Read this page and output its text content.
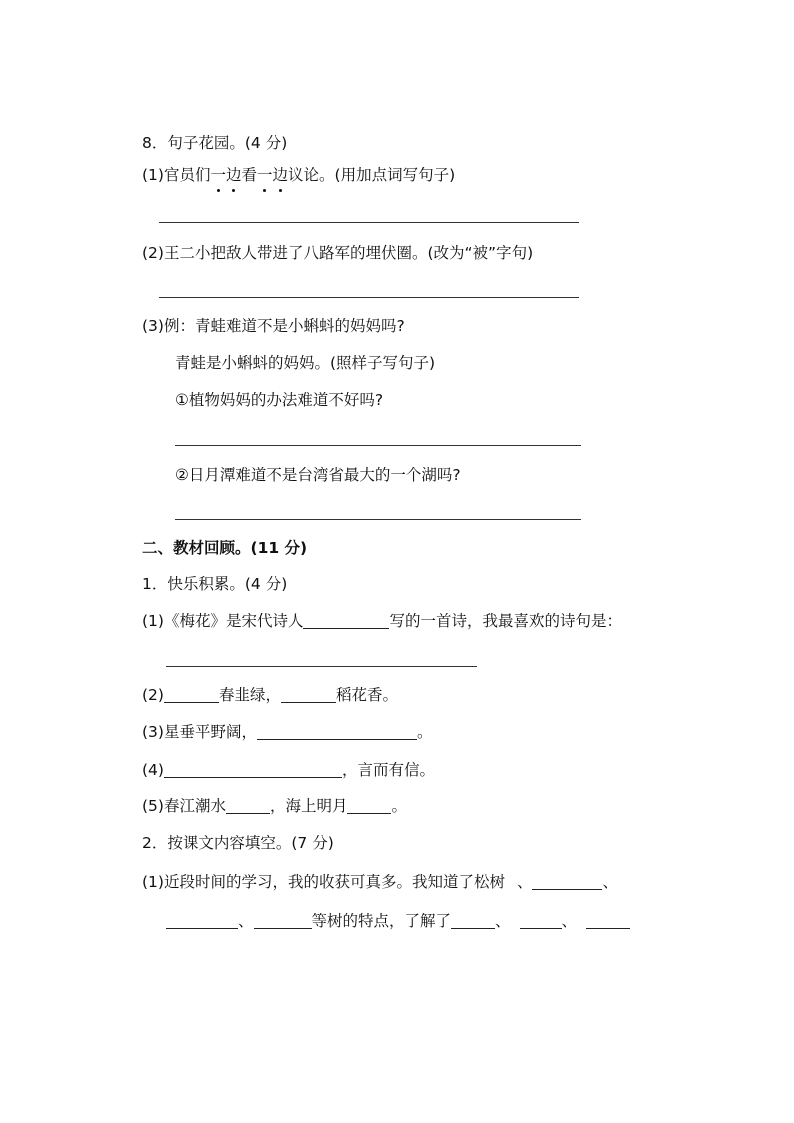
8．句子花园。(4 分)
(1)官员们一边看一边议论。(用加点词写句子)
(2)王二小把敌人带进了八路军的埋伏圈。(改为“被”字句)
(3)例：青蛙难道不是小蝌蚪的妈妈吗?
青蛙是小蝌蚪的妈妈。(照样子写句子)
①植物妈妈的办法难道不好吗?
②日月潭难道不是台湾省最大的一个湖吗?
二、教材回顾。(11 分)
1．快乐积累。(4 分)
(1)《梅花》是宋代诗人	写的一首诗，我最喜欢的诗句是：
(2)	春韭绿，	稻花香。
(3)星垂平野阔，	。
(4)	，言而有信。
(5)春江潮水	，海上明月	。
2．按课文内容填空。(7 分)
(1)近段时间的学习，我的收获可真多。我知道了松树 、	、
、	等树的特点，了解了	、	、
